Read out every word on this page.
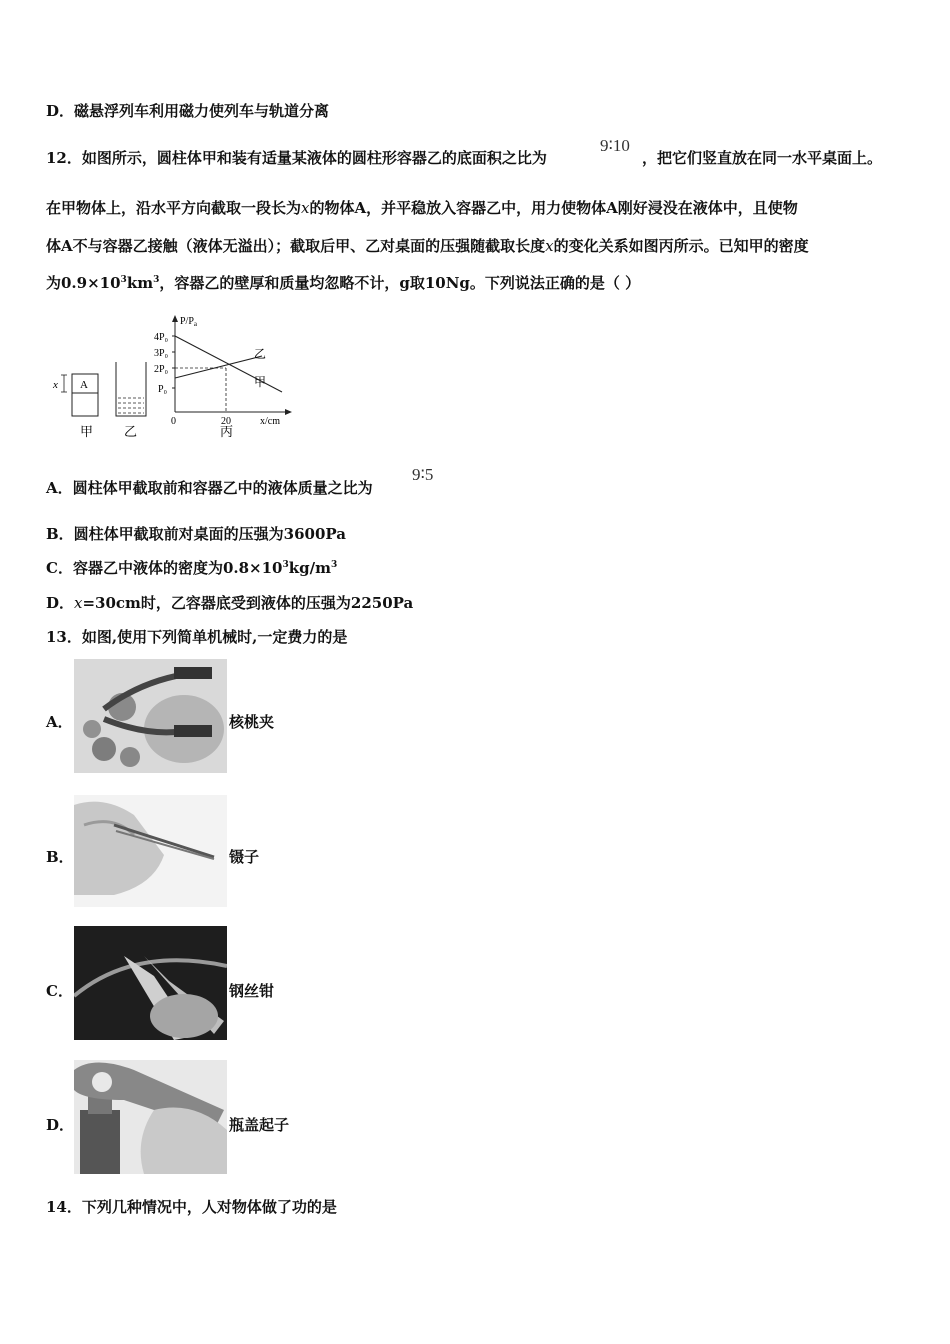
D．磁悬浮列车利用磁力使列车与轨道分离
12．如图所示，圆柱体甲和装有适量某液体的圆柱形容器乙的底面积之比为
9∶10
，把它们竖直放在同一水平桌面上。
在甲物体上，沿水平方向截取一段长为x的物体A，并平稳放入容器乙中，用力使物体A刚好浸没在液体中，且使物
体A不与容器乙接触（液体无溢出）；截取后甲、乙对桌面的压强随截取长度x的变化关系如图丙所示。已知甲的密度
为$0.9\times 10^3km^3$，容器乙的壁厚和质量均忽略不计，g取10Ng。下列说法正确的是（ ）
A
x
甲 乙
$P/P_a$
4P₀
3P₀
2P₀
P₀
0	20	x/cm
乙
甲
丙
A．圆柱体甲截取前和容器乙中的液体质量之比为
9∶5
B．圆柱体甲截取前对桌面的压强为3600Pa
C．容器乙中液体的密度为$0.8\times 10^3kg/m^3$
D．x=30cm时，乙容器底受到液体的压强为2250Pa
13．如图,使用下列简单机械时,一定费力的是
A．	核桃夹
B．	镊子
C．	钢丝钳
D．	瓶盖起子
14．下列几种情况中，人对物体做了功的是
